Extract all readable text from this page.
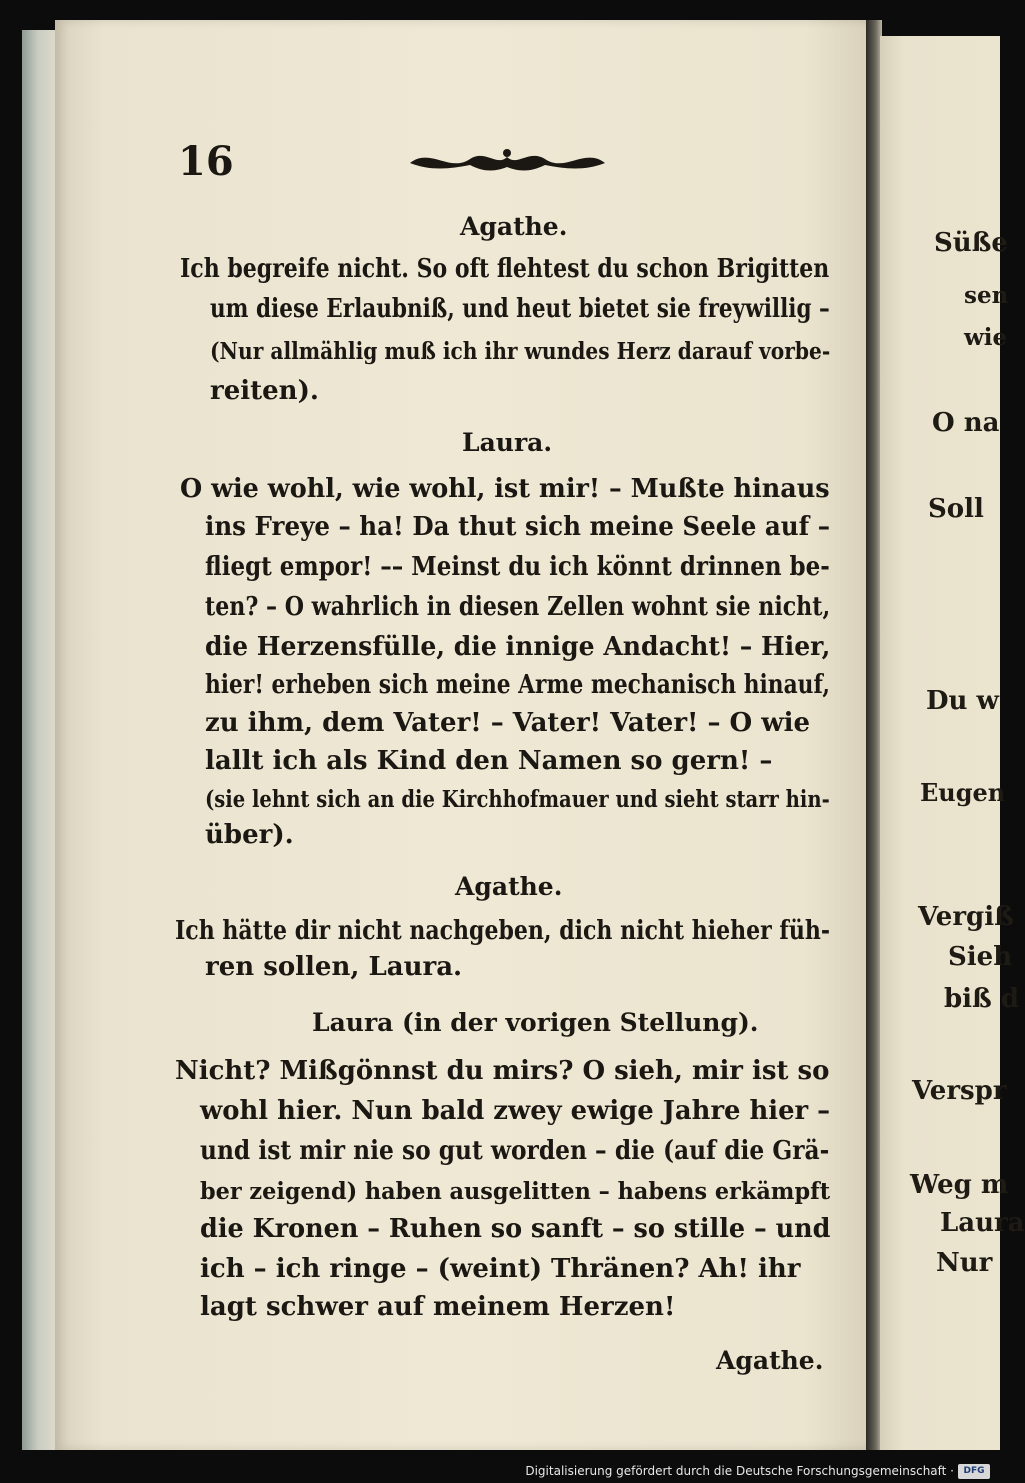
Süße
sen
wie
O na
Soll
Du w
Eugen
Vergiß
Sieh
biß d
Verspr
Weg m
Laura
Nur
16
Agathe.
Ich begreife nicht. So oft flehtest du schon Brigitten
um diese Erlaubniß, und heut bietet sie freywillig –
(Nur allmählig muß ich ihr wundes Herz darauf vorbe-
reiten).
Laura.
O wie wohl, wie wohl, ist mir! – Mußte hinaus
ins Freye – ha! Da thut sich meine Seele auf –
fliegt empor! –– Meinst du ich könnt drinnen be-
ten? – O wahrlich in diesen Zellen wohnt sie nicht,
die Herzensfülle, die innige Andacht! – Hier,
hier! erheben sich meine Arme mechanisch hinauf,
zu ihm, dem Vater! – Vater! Vater! – O wie
lallt ich als Kind den Namen so gern! –
(sie lehnt sich an die Kirchhofmauer und sieht starr hin-
über).
Agathe.
Ich hätte dir nicht nachgeben, dich nicht hieher füh-
ren sollen, Laura.
Laura (in der vorigen Stellung).
Nicht? Mißgönnst du mirs? O sieh, mir ist so
wohl hier. Nun bald zwey ewige Jahre hier –
und ist mir nie so gut worden – die (auf die Grä-
ber zeigend) haben ausgelitten – habens erkämpft
die Kronen – Ruhen so sanft – so stille – und
ich – ich ringe – (weint) Thränen? Ah! ihr
lagt schwer auf meinem Herzen!
Agathe.
Digitalisierung gefördert durch die Deutsche Forschungsgemeinschaft ·	DFG
